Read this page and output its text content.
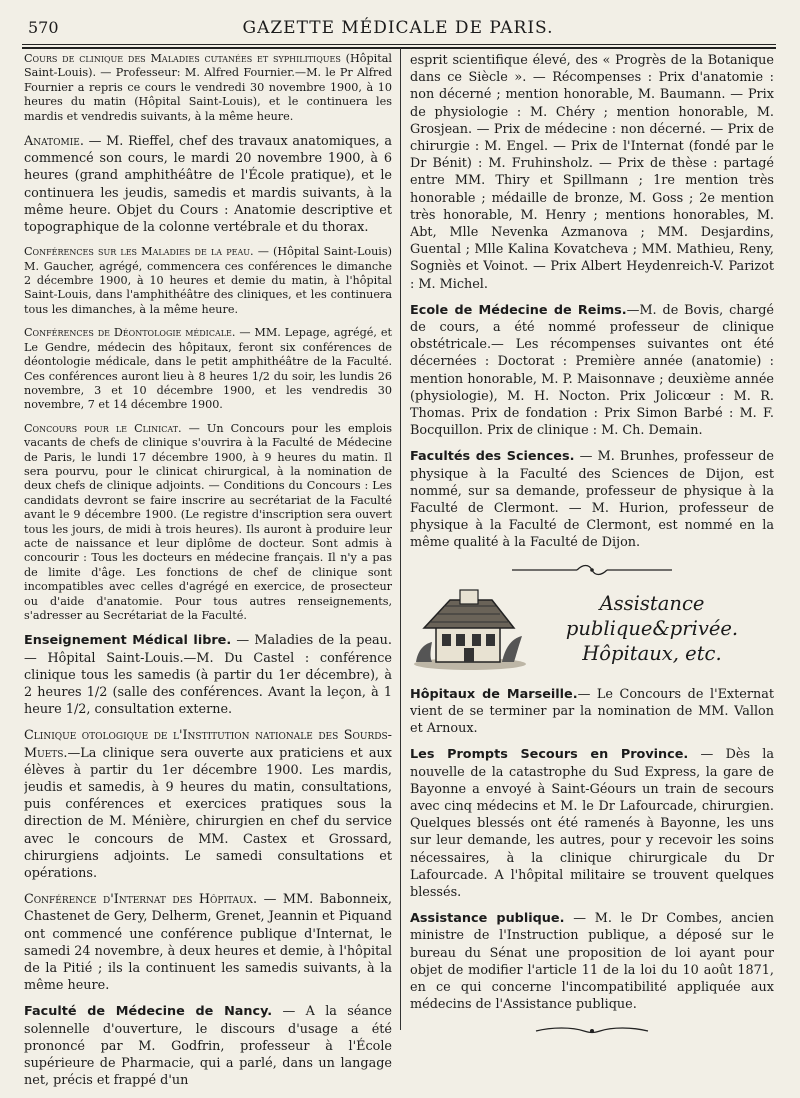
570	GAZETTE MÉDICALE DE PARIS.

Cours de clinique des Maladies cutanées et syphilitiques (Hôpital Saint-Louis). — Professeur: M. Alfred Fournier.—M. le Pr Alfred Fournier a repris ce cours le vendredi 30 novembre 1900, à 10 heures du matin (Hôpital Saint-Louis), et le continuera les mardis et vendredis suivants, à la même heure.

Anatomie. — M. Rieffel, chef des travaux anatomiques, a commencé son cours, le mardi 20 novembre 1900, à 6 heures (grand amphithéâtre de l'École pratique), et le continuera les jeudis, samedis et mardis suivants, à la même heure. Objet du Cours : Anatomie descriptive et topographique de la colonne vertébrale et du thorax.

Conférences sur les Maladies de la peau. — (Hôpital Saint-Louis) M. Gaucher, agrégé, commencera ces conférences le dimanche 2 décembre 1900, à 10 heures et demie du matin, à l'hôpital Saint-Louis, dans l'amphithéâtre des cliniques, et les continuera tous les dimanches, à la même heure.

Conférences de Déontologie médicale. — MM. Lepage, agrégé, et Le Gendre, médecin des hôpitaux, feront six conférences de déontologie médicale, dans le petit amphithéâtre de la Faculté. Ces conférences auront lieu à 8 heures 1/2 du soir, les lundis 26 novembre, 3 et 10 décembre 1900, et les vendredis 30 novembre, 7 et 14 décembre 1900.

Concours pour le Clinicat. — Un Concours pour les emplois vacants de chefs de clinique s'ouvrira à la Faculté de Médecine de Paris, le lundi 17 décembre 1900, à 9 heures du matin. Il sera pourvu, pour le clinicat chirurgical, à la nomination de deux chefs de clinique adjoints. — Conditions du Concours : Les candidats devront se faire inscrire au secrétariat de la Faculté avant le 9 décembre 1900. (Le registre d'inscription sera ouvert tous les jours, de midi à trois heures). Ils auront à produire leur acte de naissance et leur diplôme de docteur. Sont admis à concourir : Tous les docteurs en médecine français. Il n'y a pas de limite d'âge. Les fonctions de chef de clinique sont incompatibles avec celles d'agrégé en exercice, de prosecteur ou d'aide d'anatomie. Pour tous autres renseignements, s'adresser au Secrétariat de la Faculté.

Enseignement Médical libre. — Maladies de la peau. — Hôpital Saint-Louis.—M. Du Castel : conférence clinique tous les samedis (à partir du 1er décembre), à 2 heures 1/2 (salle des conférences. Avant la leçon, à 1 heure 1/2, consultation externe.

Clinique otologique de l'Institution nationale des Sourds-Muets.—La clinique sera ouverte aux praticiens et aux élèves à partir du 1er décembre 1900. Les mardis, jeudis et samedis, à 9 heures du matin, consultations, puis conférences et exercices pratiques sous la direction de M. Ménière, chirurgien en chef du service avec le concours de MM. Castex et Grossard, chirurgiens adjoints. Le samedi consultations et opérations.

Conférence d'Internat des Hôpitaux. — MM. Babonneix, Chastenet de Gery, Delherm, Grenet, Jeannin et Piquand ont commencé une conférence publique d'Internat, le samedi 24 novembre, à deux heures et demie, à l'hôpital de la Pitié ; ils la continuent les samedis suivants, à la même heure.

Faculté de Médecine de Nancy. — A la séance solennelle d'ouverture, le discours d'usage a été prononcé par M. Godfrin, professeur à l'École supérieure de Pharmacie, qui a parlé, dans un langage net, précis et frappé d'un

esprit scientifique élevé, des « Progrès de la Botanique dans ce Siècle ». — Récompenses : Prix d'anatomie : non décerné ; mention honorable, M. Baumann. — Prix de physiologie : M. Chéry ; mention honorable, M. Grosjean. — Prix de médecine : non décerné. — Prix de chirurgie : M. Engel. — Prix de l'Internat (fondé par le Dr Bénit) : M. Fruhinsholz. — Prix de thèse : partagé entre MM. Thiry et Spillmann ; 1re mention très honorable ; médaille de bronze, M. Goss ; 2e mention très honorable, M. Henry ; mentions honorables, M. Abt, Mlle Nevenka Azmanova ; MM. Desjardins, Guental ; Mlle Kalina Kovatcheva ; MM. Mathieu, Reny, Sogniès et Voinot. — Prix Albert Heydenreich-V. Parizot : M. Michel.

Ecole de Médecine de Reims.—M. de Bovis, chargé de cours, a été nommé professeur de clinique obstétricale.— Les récompenses suivantes ont été décernées : Doctorat : Première année (anatomie) : mention honorable, M. P. Maisonnave ; deuxième année (physiologie), M. H. Nocton. Prix Jolicœur : M. R. Thomas. Prix de fondation : Prix Simon Barbé : M. F. Bocquillon. Prix de clinique : M. Ch. Demain.

Facultés des Sciences. — M. Brunhes, professeur de physique à la Faculté des Sciences de Dijon, est nommé, sur sa demande, professeur de physique à la Faculté de Clermont. — M. Hurion, professeur de physique à la Faculté de Clermont, est nommé en la même qualité à la Faculté de Dijon.

Assistance
publique&privée.
Hôpitaux, etc.

Hôpitaux de Marseille.— Le Concours de l'Externat vient de se terminer par la nomination de MM. Vallon et Arnoux.

Les Prompts Secours en Province. — Dès la nouvelle de la catastrophe du Sud Express, la gare de Bayonne a envoyé à Saint-Géours un train de secours avec cinq médecins et M. le Dr Lafourcade, chirurgien. Quelques blessés ont été ramenés à Bayonne, les uns sur leur demande, les autres, pour y recevoir les soins nécessaires, à la clinique chirurgicale du Dr Lafourcade. A l'hôpital militaire se trouvent quelques blessés.

Assistance publique. — M. le Dr Combes, ancien ministre de l'Instruction publique, a déposé sur le bureau du Sénat une proposition de loi ayant pour objet de modifier l'article 11 de la loi du 10 août 1871, en ce qui concerne l'incompatibilité appliquée aux médecins de l'Assistance publique.
